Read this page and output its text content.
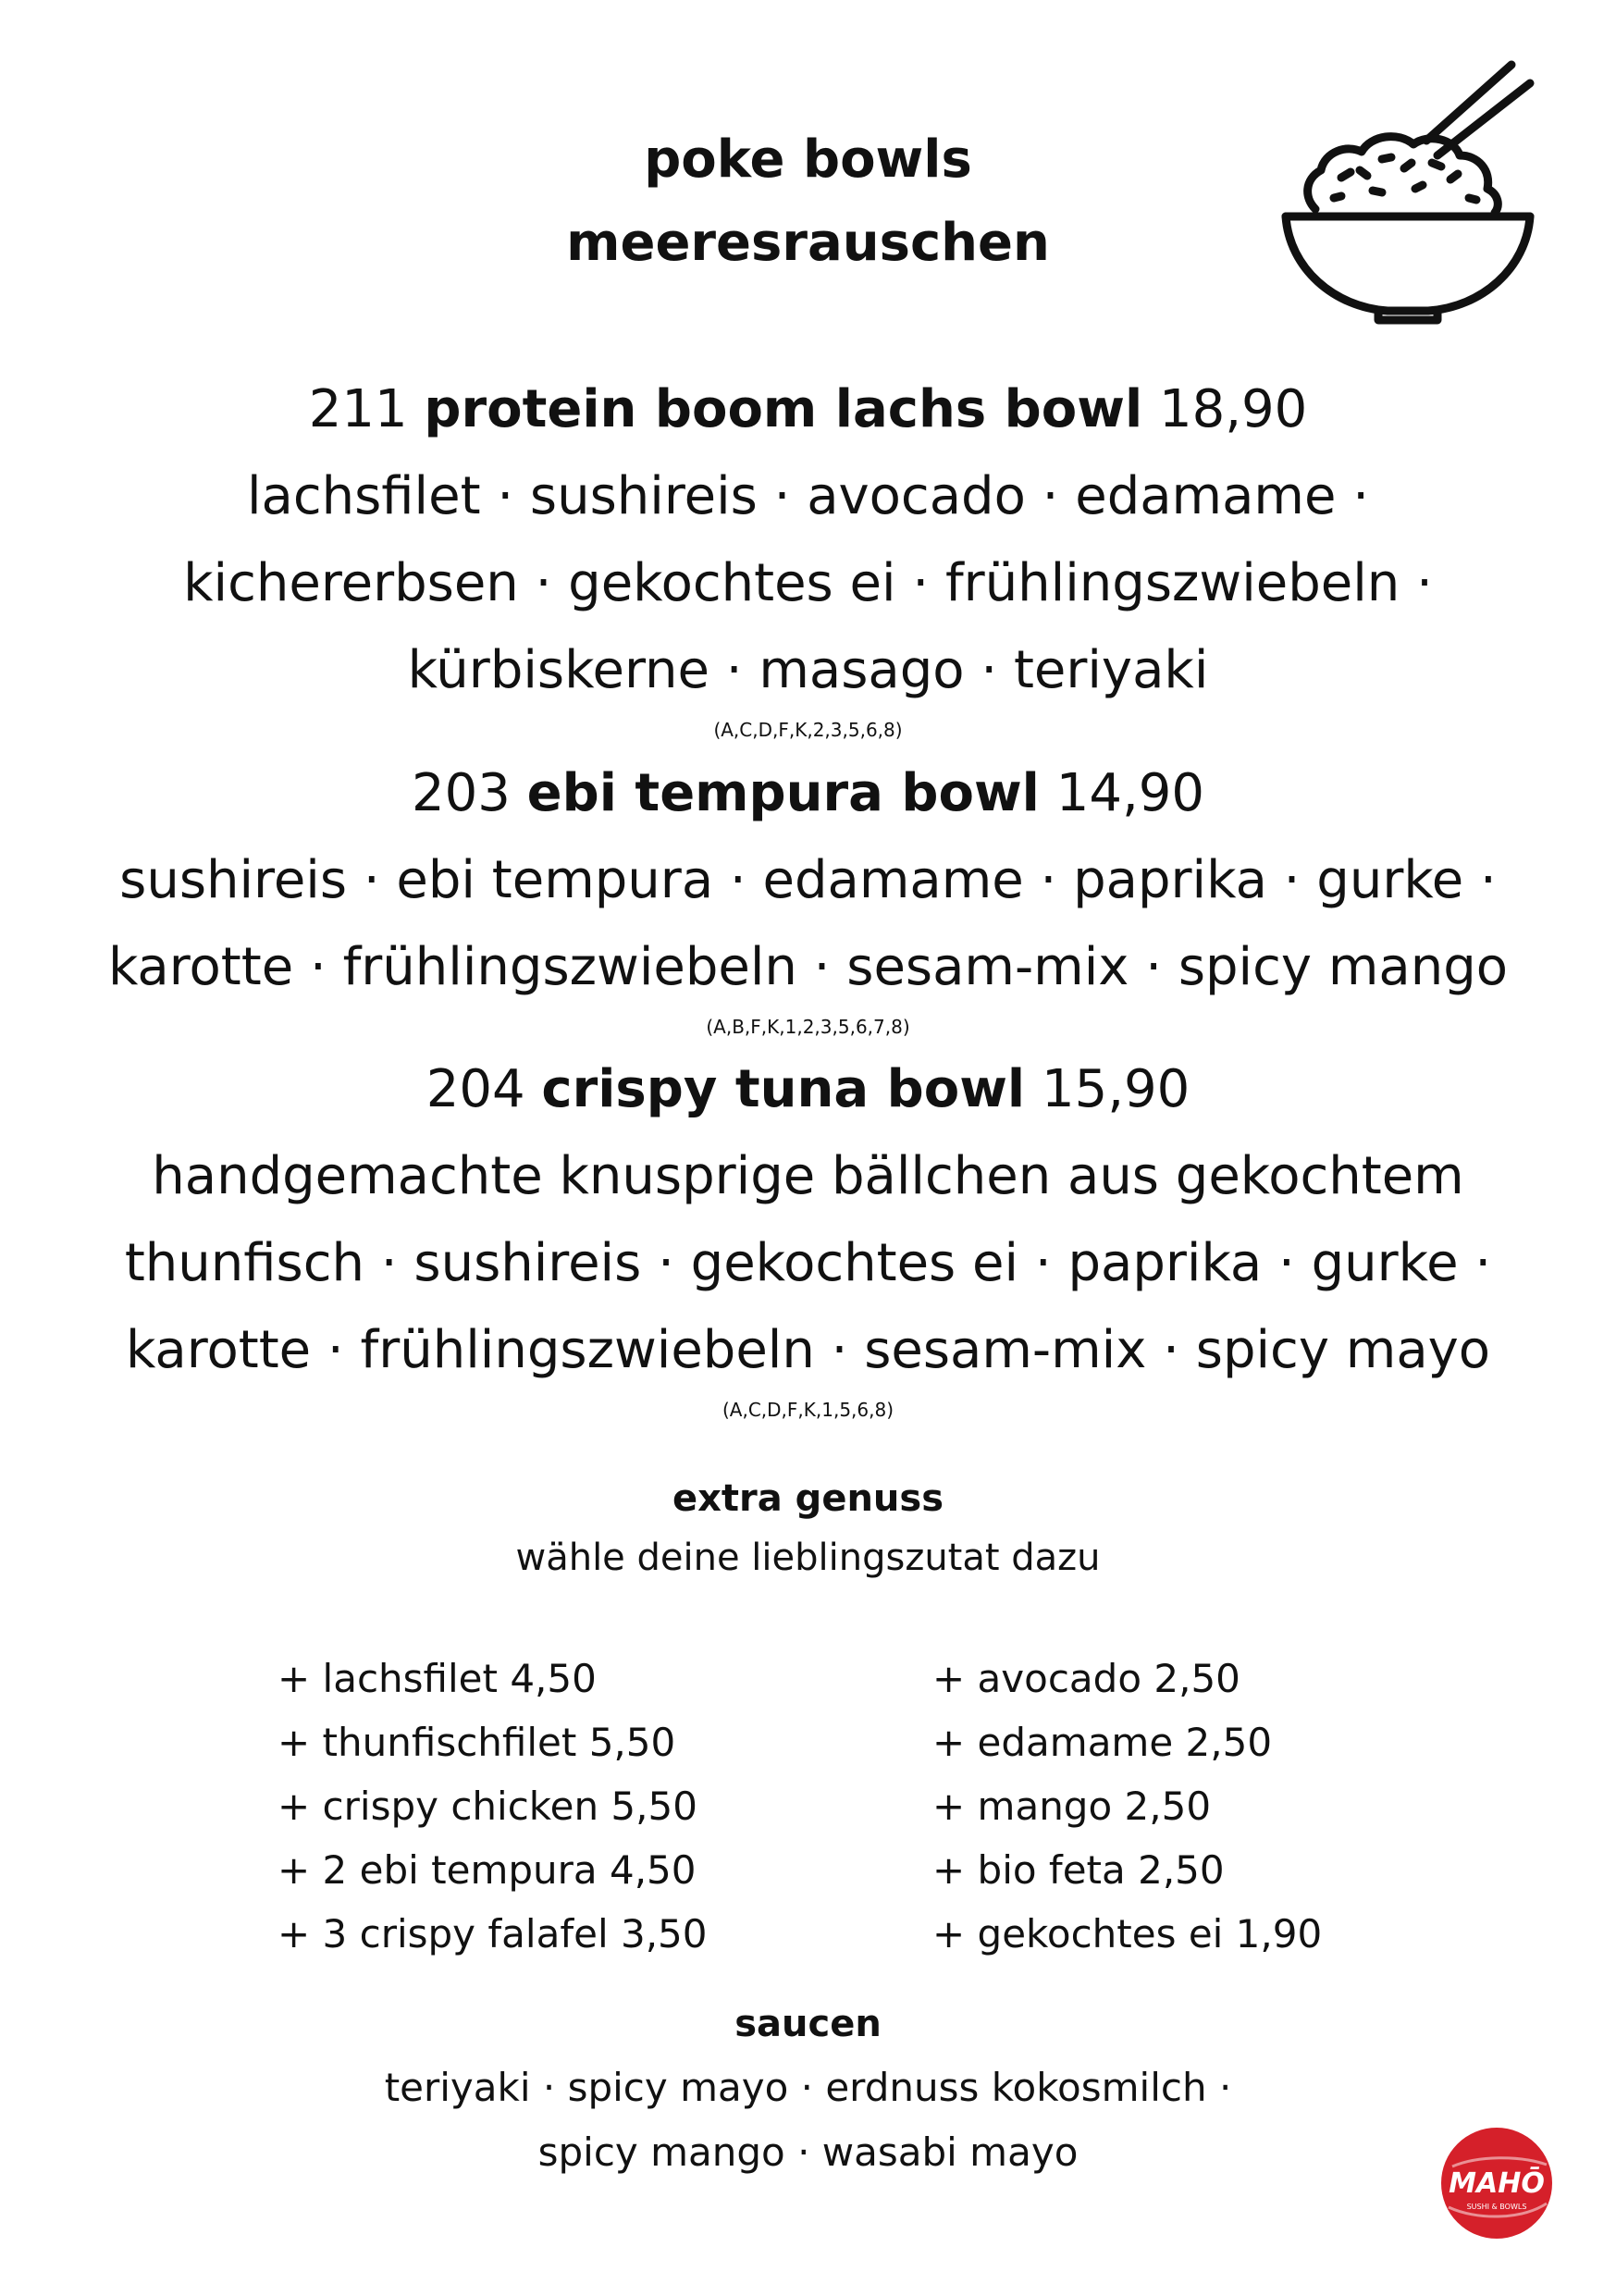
poke bowls
meeresrauschen
211 protein boom lachs bowl 18,90
lachsfilet · sushireis · avocado · edamame ·
kichererbsen · gekochtes ei · frühlingszwiebeln ·
kürbiskerne · masago · teriyaki
(A,C,D,F,K,2,3,5,6,8)
203 ebi tempura bowl 14,90
sushireis · ebi tempura · edamame · paprika · gurke ·
karotte · frühlingszwiebeln · sesam-mix · spicy mango
(A,B,F,K,1,2,3,5,6,7,8)
204 crispy tuna bowl 15,90
handgemachte knusprige bällchen aus gekochtem
thunfisch · sushireis · gekochtes ei · paprika · gurke ·
karotte · frühlingszwiebeln · sesam-mix · spicy mayo
(A,C,D,F,K,1,5,6,8)
extra genuss
wähle deine lieblingszutat dazu
+ lachsfilet 4,50
+ thunfischfilet 5,50
+ crispy chicken 5,50
+ 2 ebi tempura 4,50
+ 3 crispy falafel 3,50
+ avocado 2,50
+ edamame 2,50
+ mango 2,50
+ bio feta 2,50
+ gekochtes ei 1,90
saucen
teriyaki · spicy mayo · erdnuss kokosmilch ·
spicy mango · wasabi mayo
MAHŌ
SUSHI & BOWLS
